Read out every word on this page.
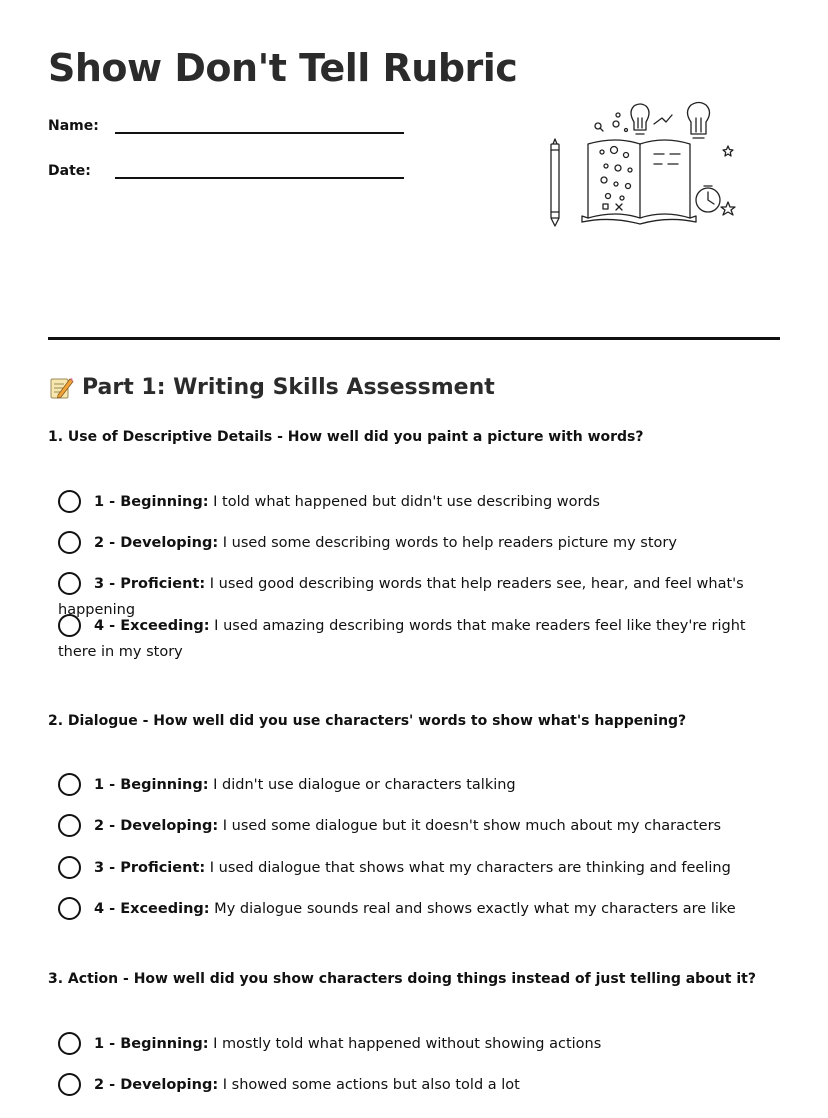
Show Don't Tell Rubric
Name:
Date:
Part 1: Writing Skills Assessment

1. Use of Descriptive Details - How well did you paint a picture with words?

1 - Beginning: I told what happened but didn't use describing words
2 - Developing: I used some describing words to help readers picture my story
3 - Proficient: I used good describing words that help readers see, hear, and feel what's happening
4 - Exceeding: I used amazing describing words that make readers feel like they're right there in my story

2. Dialogue - How well did you use characters' words to show what's happening?

1 - Beginning: I didn't use dialogue or characters talking
2 - Developing: I used some dialogue but it doesn't show much about my characters
3 - Proficient: I used dialogue that shows what my characters are thinking and feeling
4 - Exceeding: My dialogue sounds real and shows exactly what my characters are like

3. Action - How well did you show characters doing things instead of just telling about it?

1 - Beginning: I mostly told what happened without showing actions
2 - Developing: I showed some actions but also told a lot
